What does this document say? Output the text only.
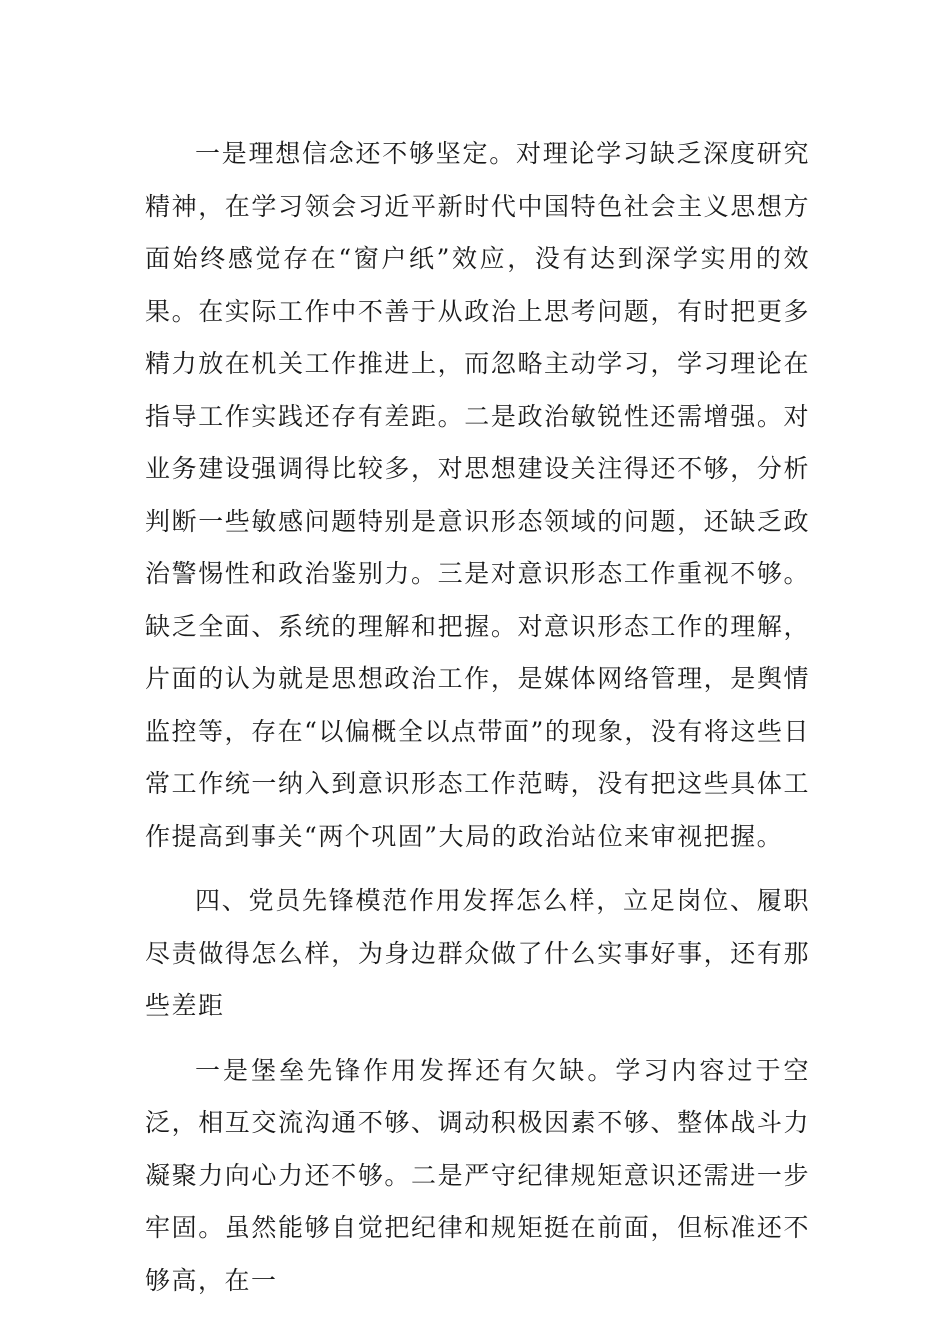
一是理想信念还不够坚定。对理论学习缺乏深度研究精神，在学习领会习近平新时代中国特色社会主义思想方面始终感觉存在“窗户纸”效应，没有达到深学实用的效果。在实际工作中不善于从政治上思考问题，有时把更多精力放在机关工作推进上，而忽略主动学习，学习理论在指导工作实践还存有差距。二是政治敏锐性还需增强。对业务建设强调得比较多，对思想建设关注得还不够，分析判断一些敏感问题特别是意识形态领域的问题，还缺乏政治警惕性和政治鉴别力。三是对意识形态工作重视不够。缺乏全面、系统的理解和把握。对意识形态工作的理解，片面的认为就是思想政治工作，是媒体网络管理，是舆情监控等，存在“以偏概全以点带面”的现象，没有将这些日常工作统一纳入到意识形态工作范畴，没有把这些具体工作提高到事关“两个巩固”大局的政治站位来审视把握。

四、党员先锋模范作用发挥怎么样，立足岗位、履职尽责做得怎么样，为身边群众做了什么实事好事，还有那些差距

一是堡垒先锋作用发挥还有欠缺。学习内容过于空泛，相互交流沟通不够、调动积极因素不够、整体战斗力凝聚力向心力还不够。二是严守纪律规矩意识还需进一步牢固。虽然能够自觉把纪律和规矩挺在前面，但标准还不够高，在一
